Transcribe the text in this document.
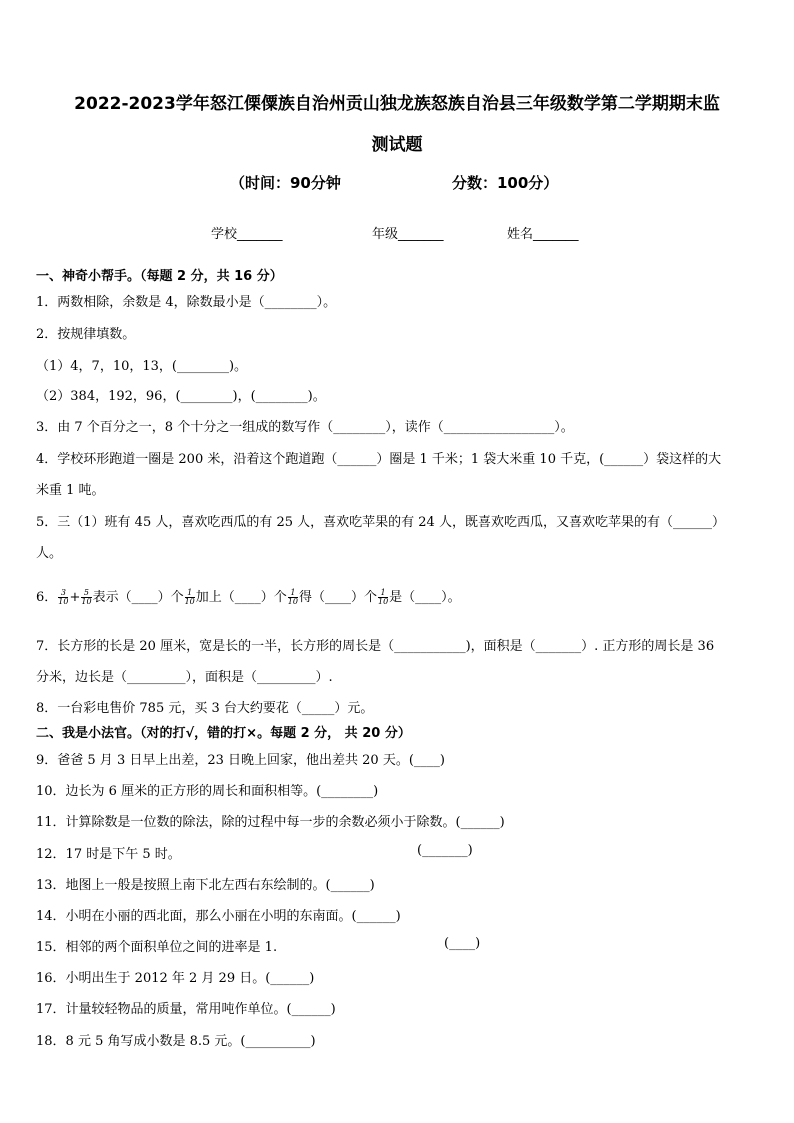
2022-2023学年怒江傈僳族自治州贡山独龙族怒族自治县三年级数学第二学期期末监
测试题
（时间：90分钟	分数：100分）
学校_______	年级_______	姓名_______
一、神奇小帮手。（每题 2 分，共 16 分）
1．两数相除，余数是 4，除数最小是（________）。
2．按规律填数。
（1）4，7，10，13，(________)。
（2）384，192，96，(________)，(________)。
3．由 7 个百分之一，8 个十分之一组成的数写作（________），读作（_________________）。
4．学校环形跑道一圈是 200 米，沿着这个跑道跑（______）圈是 1 千米；1 袋大米重 10 千克，(______）袋这样的大
米重 1 吨。
5．三（1）班有 45 人，喜欢吃西瓜的有 25 人，喜欢吃苹果的有 24 人，既喜欢吃西瓜，又喜欢吃苹果的有（______）
人。
6． $\frac{3}{10} + \frac{5}{10}$ 表示（____）个 $\frac{1}{10}$ 加上（____）个 $\frac{1}{10}$ 得（____）个 $\frac{1}{10}$ 是（____）。
7．长方形的长是 20 厘米，宽是长的一半，长方形的周长是（___________)，面积是（_______）. 正方形的周长是 36
分米，边长是（_________），面积是（_________）.
8．一台彩电售价 785 元，买 3 台大约要花（_____）元。
二、我是小法官。（对的打√，错的打×。每题 2 分， 共 20 分）
9．爸爸 5 月 3 日早上出差，23 日晚上回家，他出差共 20 天。(____)
10．边长为 6 厘米的正方形的周长和面积相等。(________)
11．计算除数是一位数的除法，除的过程中每一步的余数必须小于除数。(______)
12．17 时是下午 5 时。	(_______)
13．地图上一般是按照上南下北左西右东绘制的。(______)
14．小明在小丽的西北面，那么小丽在小明的东南面。(______)
15．相邻的两个面积单位之间的进率是 1.	(____)
16．小明出生于 2012 年 2 月 29 日。(______)
17．计量较轻物品的质量，常用吨作单位。(______)
18．8 元 5 角写成小数是 8.5 元。(__________)
